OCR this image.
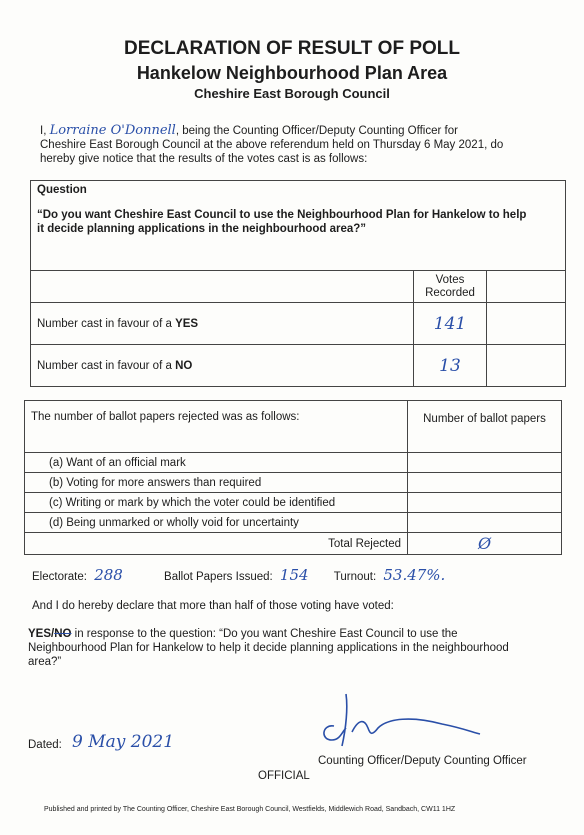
DECLARATION OF RESULT OF POLL
Hankelow Neighbourhood Plan Area
Cheshire East Borough Council
I, Lorraine O'Donnell, being the Counting Officer/Deputy Counting Officer for
Cheshire East Borough Council at the above referendum held on Thursday 6 May 2021, do
hereby give notice that the results of the votes cast is as follows:
Question
“Do you want Cheshire East Council to use the Neighbourhood Plan for Hankelow to help
it decide planning applications in the neighbourhood area?”		

	Votes
Recorded	

Number cast in favour of a YES	141	
Number cast in favour of a NO	13	
The number of ballot papers rejected was as follows:	Number of ballot papers
(a) Want of an official mark	
(b) Voting for more answers than required	
(c) Writing or mark by which the voter could be identified	
(d) Being unmarked or wholly void for uncertainty	
Total Rejected	Ø
Electorate: 288	Ballot Papers Issued: 154 Turnout: 53.47%.
And I do hereby declare that more than half of those voting have voted:
YES/NO in response to the question: “Do you want Cheshire East Council to use the
Neighbourhood Plan for Hankelow to help it decide planning applications in the neighbourhood
area?”
Dated: 9 May 2021
Counting Officer/Deputy Counting Officer
OFFICIAL
Published and printed by The Counting Officer, Cheshire East Borough Council, Westfields, Middlewich Road, Sandbach, CW11 1HZ
